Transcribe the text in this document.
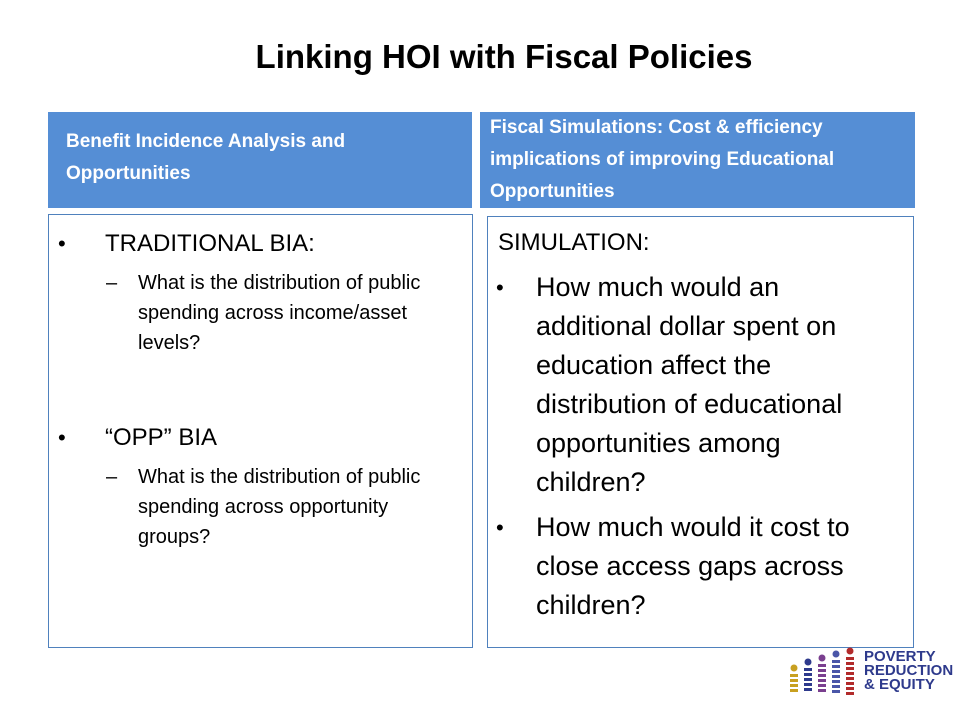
Linking HOI with Fiscal Policies
Benefit Incidence Analysis and Opportunities
Fiscal Simulations: Cost & efficiency implications of improving Educational Opportunities
• TRADITIONAL BIA:
– What is the distribution of public spending across income/asset levels?
• “OPP” BIA
– What is the distribution of public spending across opportunity groups?
SIMULATION:
• How much would an additional dollar spent on education affect the distribution of educational opportunities among children?
• How much would it cost to close access gaps across children?
POVERTY
REDUCTION
& EQUITY
